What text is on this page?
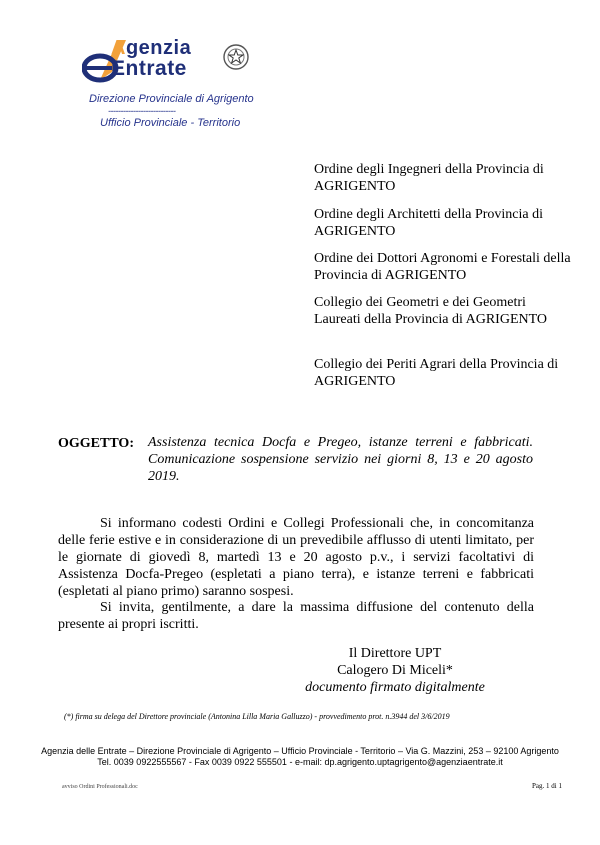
Agenzia
Entrate
Direzione Provinciale di Agrigento
---------------------------
Ufficio Provinciale - Territorio
Ordine degli Ingegneri della Provincia di AGRIGENTO
Ordine degli Architetti della Provincia di AGRIGENTO
Ordine dei Dottori Agronomi e Forestali della Provincia di AGRIGENTO
Collegio dei Geometri e dei Geometri Laureati della Provincia di AGRIGENTO
Collegio dei Periti Agrari della Provincia di AGRIGENTO
OGGETTO: Assistenza tecnica Docfa e Pregeo, istanze terreni e fabbricati. Comunicazione sospensione servizio nei giorni 8, 13 e 20 agosto 2019.
Si informano codesti Ordini e Collegi Professionali che, in concomitanza delle ferie estive e in considerazione di un prevedibile afflusso di utenti limitato, per le giornate di giovedì 8, martedì 13 e 20 agosto p.v., i servizi facoltativi di Assistenza Docfa-Pregeo (espletati a piano terra), e istanze terreni e fabbricati (espletati al piano primo) saranno sospesi.
Si invita, gentilmente, a dare la massima diffusione del contenuto della presente ai propri iscritti.
Il Direttore UPT
Calogero Di Miceli*
documento firmato digitalmente
(*) firma su delega del Direttore provinciale (Antonina Lilla Maria Galluzzo) - provvedimento prot. n.3944 del 3/6/2019
Agenzia delle Entrate – Direzione Provinciale di Agrigento – Ufficio Provinciale - Territorio – Via G. Mazzini, 253 – 92100 Agrigento
Tel. 0039 0922555567 - Fax 0039 0922 555501 - e-mail: dp.agrigento.uptagrigento@agenziaentrate.it
avviso Ordini Professionali.doc	Pag. 1 di 1
